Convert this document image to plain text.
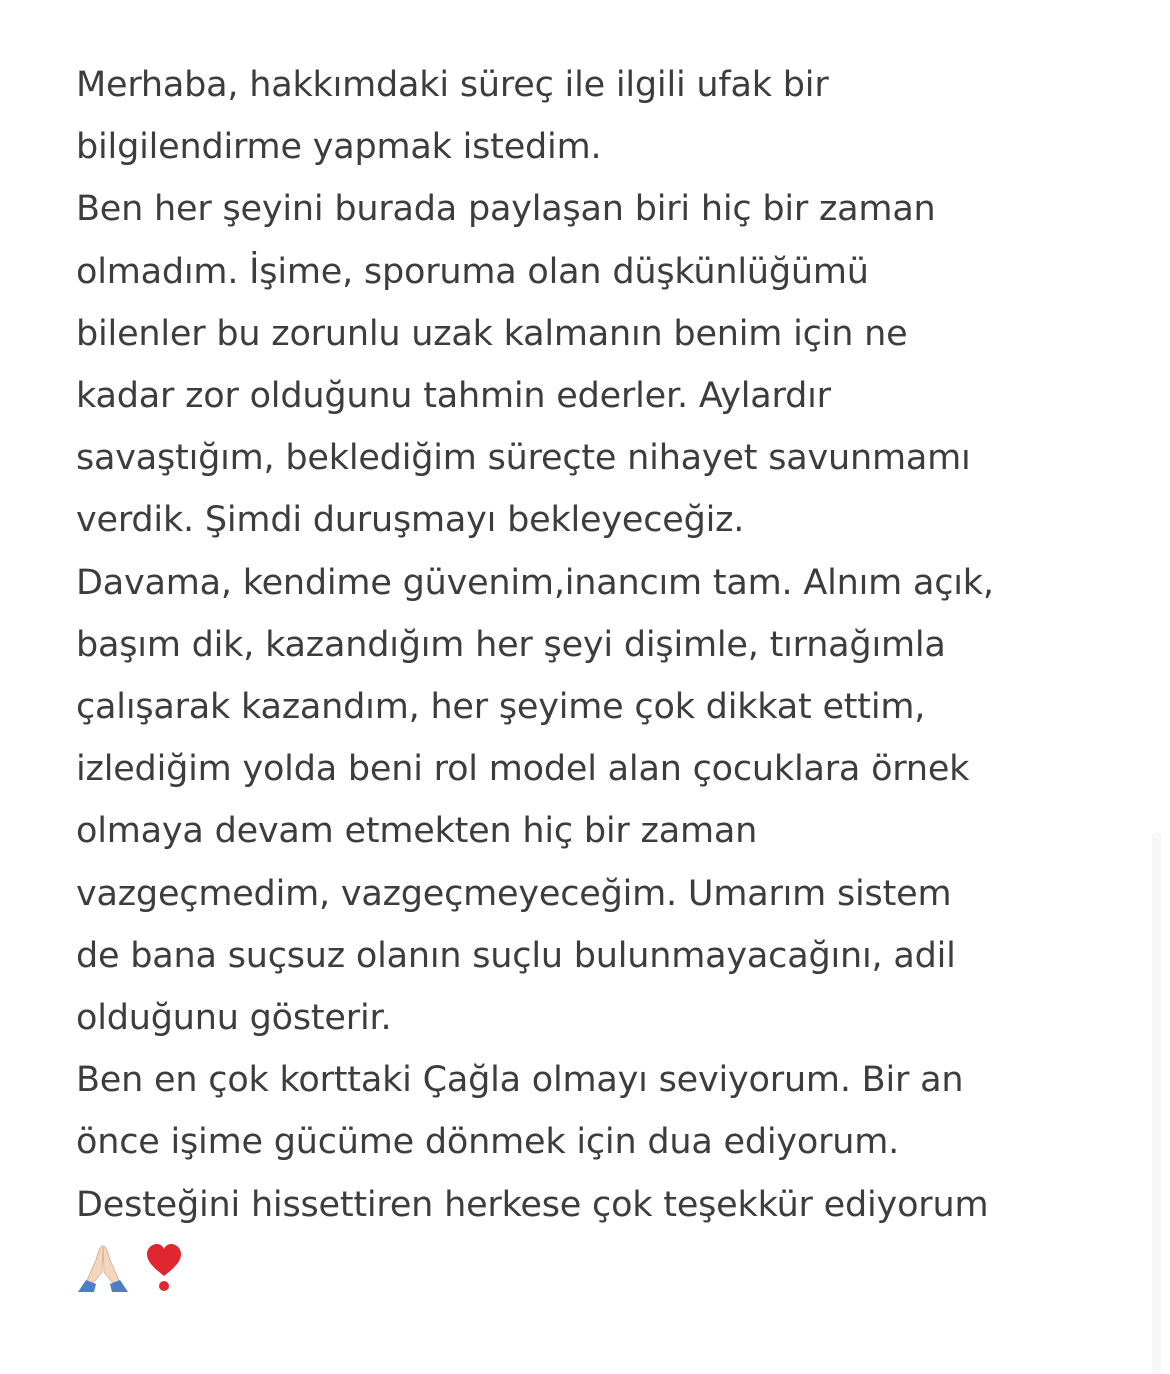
Merhaba, hakkımdaki süreç ile ilgili ufak bir
bilgilendirme yapmak istedim.
Ben her şeyini burada paylaşan biri hiç bir zaman
olmadım. İşime, sporuma olan düşkünlüğümü
bilenler bu zorunlu uzak kalmanın benim için ne
kadar zor olduğunu tahmin ederler. Aylardır
savaştığım, beklediğim süreçte nihayet savunmamı
verdik. Şimdi duruşmayı bekleyeceğiz.
Davama, kendime güvenim,inancım tam. Alnım açık,
başım dik, kazandığım her şeyi dişimle, tırnağımla
çalışarak kazandım, her şeyime çok dikkat ettim,
izlediğim yolda beni rol model alan çocuklara örnek
olmaya devam etmekten hiç bir zaman
vazgeçmedim, vazgeçmeyeceğim. Umarım sistem
de bana suçsuz olanın suçlu bulunmayacağını, adil
olduğunu gösterir.
Ben en çok korttaki Çağla olmayı seviyorum. Bir an
önce işime gücüme dönmek için dua ediyorum.
Desteğini hissettiren herkese çok teşekkür ediyorum
